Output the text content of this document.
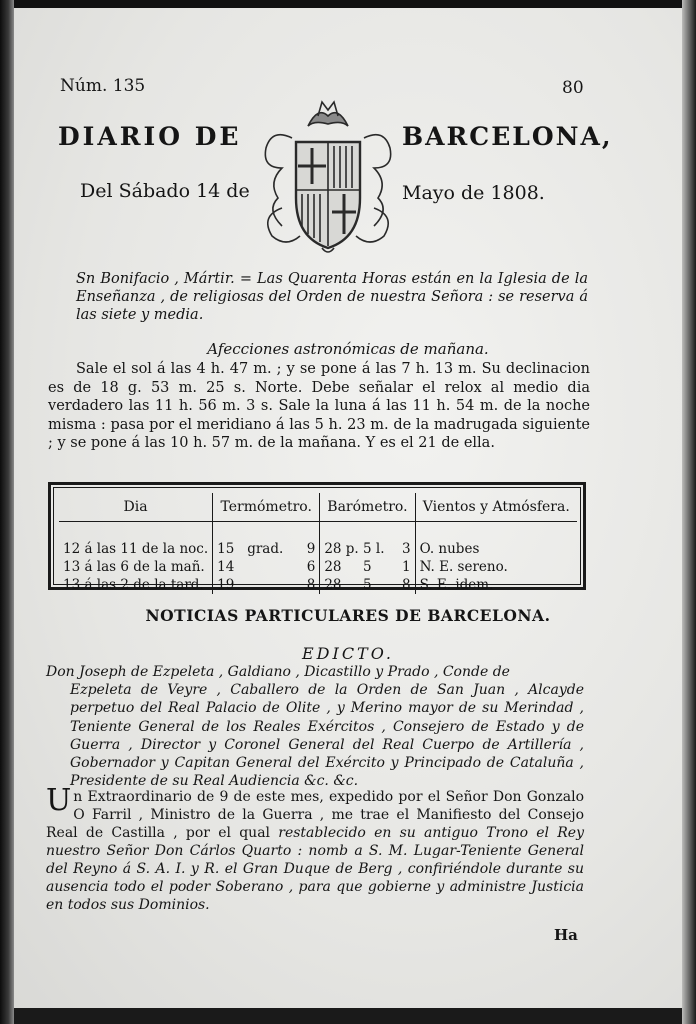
Núm. 135	80
DIARIO DE	BARCELONA,
Del Sábado 14 de	Mayo de 1808.

Sn Bonifacio , Mártir. = Las Quarenta Horas están en la Iglesia de la Enseñanza , de religiosas del Orden de nuestra Señora : se reserva á las siete y media.

Afecciones astronómicas de mañana.

Sale el sol á las 4 h. 47 m. ; y se pone á las 7 h. 13 m. Su declinacion es de 18 g. 53 m. 25 s. Norte. Debe señalar el relox al medio dia verdadero las 11 h. 56 m. 3 s. Sale la luna á las 11 h. 54 m. de la noche misma : pasa por el meridiano á las 5 h. 23 m. de la madrugada siguiente ; y se pone á las 10 h. 57 m. de la mañana. Y es el 21 de ella.

Dia	Termómetro.	Barómetro.	Vientos y Atmósfera.

12 á las 11 de la noc.	15 grad. 9	28 p. 5 l. 3	O. nubes
13 á las 6 de la mañ.	14 6	28 5 1	N. E. sereno.
13 á las 2 de la tard.	19 8	28 5 8	S. E. idem.
NOTICIAS PARTICULARES DE BARCELONA.
EDICTO.
Don Joseph de Ezpeleta , Galdiano , Dicastillo y Prado , Conde de
Ezpeleta de Veyre , Caballero de la Orden de San Juan , Alcayde perpetuo del Real Palacio de Olite , y Merino mayor de su Merindad , Teniente General de los Reales Exércitos , Consejero de Estado y de Guerra , Director y Coronel General del Real Cuerpo de Artillería , Gobernador y Capitan General del Exército y Principado de Cataluña , Presidente de su Real Audiencia &c. &c.
Un Extraordinario de 9 de este mes, expedido por el Señor Don Gonzalo O Farril , Ministro de la Guerra , me trae el Manifiesto del Consejo Real de Castilla , por el qual restablecido en su antiguo Trono el Rey nuestro Señor Don Cárlos Quarto : nomb a S. M. Lugar-Teniente General del Reyno á S. A. I. y R. el Gran Duque de Berg , confiriéndole durante su ausencia todo el poder Soberano , para que gobierne y administre Justicia en todos sus Dominios.
Ha
